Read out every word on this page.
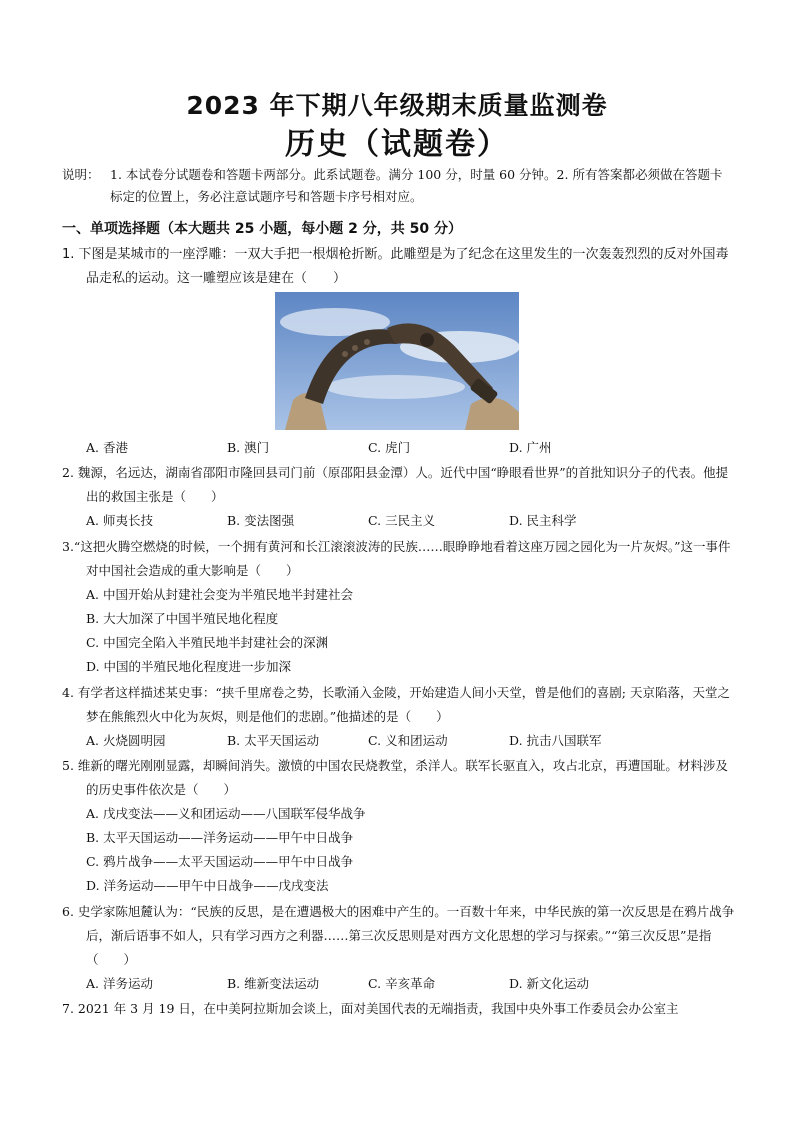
2023 年下期八年级期末质量监测卷
历史（试题卷）
说明： 1. 本试卷分试题卷和答题卡两部分。此系试题卷。满分 100 分，时量 60 分钟。2. 所有答案都必须做在答题卡标定的位置上，务必注意试题序号和答题卡序号相对应。
一、单项选择题（本大题共 25 小题，每小题 2 分，共 50 分）
1. 下图是某城市的一座浮雕：一双大手把一根烟枪折断。此雕塑是为了纪念在这里发生的一次轰轰烈烈的反对外国毒品走私的运动。这一雕塑应该是建在（　　）
A. 香港	B. 澳门	C. 虎门	D. 广州
2. 魏源，名远达，湖南省邵阳市隆回县司门前（原邵阳县金潭）人。近代中国“睁眼看世界”的首批知识分子的代表。他提出的救国主张是（　　）
A. 师夷长技	B. 变法图强	C. 三民主义	D. 民主科学
3.“这把火腾空燃烧的时候，一个拥有黄河和长江滚滚波涛的民族……眼睁睁地看着这座万园之园化为一片灰烬。”这一事件对中国社会造成的重大影响是（　　）
A. 中国开始从封建社会变为半殖民地半封建社会
B. 大大加深了中国半殖民地化程度
C. 中国完全陷入半殖民地半封建社会的深渊
D. 中国的半殖民地化程度进一步加深
4. 有学者这样描述某史事：“挟千里席卷之势，长歌涌入金陵，开始建造人间小天堂，曾是他们的喜剧; 天京陷落，天堂之梦在熊熊烈火中化为灰烬，则是他们的悲剧。”他描述的是（　　）
A. 火烧圆明园	B. 太平天国运动	C. 义和团运动	D. 抗击八国联军
5. 维新的曙光刚刚显露，却瞬间消失。激愤的中国农民烧教堂，杀洋人。联军长驱直入，攻占北京，再遭国耻。材料涉及的历史事件依次是（　　）
A. 戊戌变法——义和团运动——八国联军侵华战争
B. 太平天国运动——洋务运动——甲午中日战争
C. 鸦片战争——太平天国运动——甲午中日战争
D. 洋务运动——甲午中日战争——戊戌变法
6. 史学家陈旭麓认为：“民族的反思，是在遭遇极大的困难中产生的。一百数十年来，中华民族的第一次反思是在鸦片战争后，渐后语事不如人，只有学习西方之利器……第三次反思则是对西方文化思想的学习与探索。”“第三次反思”是指（　　）
A. 洋务运动	B. 维新变法运动	C. 辛亥革命	D. 新文化运动
7. 2021 年 3 月 19 日，在中美阿拉斯加会谈上，面对美国代表的无端指责，我国中央外事工作委员会办公室主
